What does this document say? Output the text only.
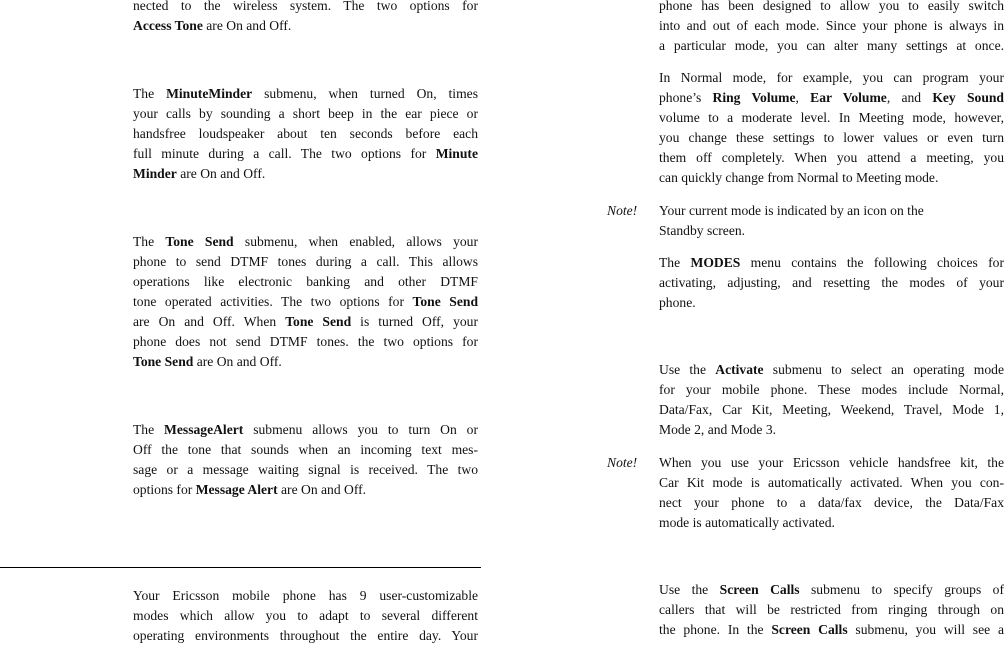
nected to the wireless system. The two options for
Access Tone are On and Off.

The MinuteMinder submenu, when turned On, times
your calls by sounding a short beep in the ear piece or
handsfree loudspeaker about ten seconds before each
full minute during a call. The two options for Minute
Minder are On and Off.

The Tone Send submenu, when enabled, allows your
phone to send DTMF tones during a call. This allows
operations like electronic banking and other DTMF
tone operated activities. The two options for Tone Send
are On and Off. When Tone Send is turned Off, your
phone does not send DTMF tones. the two options for
Tone Send are On and Off.

The MessageAlert submenu allows you to turn On or
Off the tone that sounds when an incoming text mes-
sage or a message waiting signal is received. The two
options for Message Alert are On and Off.

Your Ericsson mobile phone has 9 user-customizable
modes which allow you to adapt to several different
operating environments throughout the entire day. Your

phone has been designed to allow you to easily switch
into and out of each mode. Since your phone is always in
a particular mode, you can alter many settings at once.

In Normal mode, for example, you can program your
phone’s Ring Volume, Ear Volume, and Key Sound
volume to a moderate level. In Meeting mode, however,
you change these settings to lower values or even turn
them off completely. When you attend a meeting, you
can quickly change from Normal to Meeting mode.

Your current mode is indicated by an icon on the
Standby screen.

The MODES menu contains the following choices for
activating, adjusting, and resetting the modes of your
phone.

Use the Activate submenu to select an operating mode
for your mobile phone. These modes include Normal,
Data/Fax, Car Kit, Meeting, Weekend, Travel, Mode 1,
Mode 2, and Mode 3.

When you use your Ericsson vehicle handsfree kit, the
Car Kit mode is automatically activated. When you con-
nect your phone to a data/fax device, the Data/Fax
mode is automatically activated.

Use the Screen Calls submenu to specify groups of
callers that will be restricted from ringing through on
the phone. In the Screen Calls submenu, you will see a

Note!
Note!
